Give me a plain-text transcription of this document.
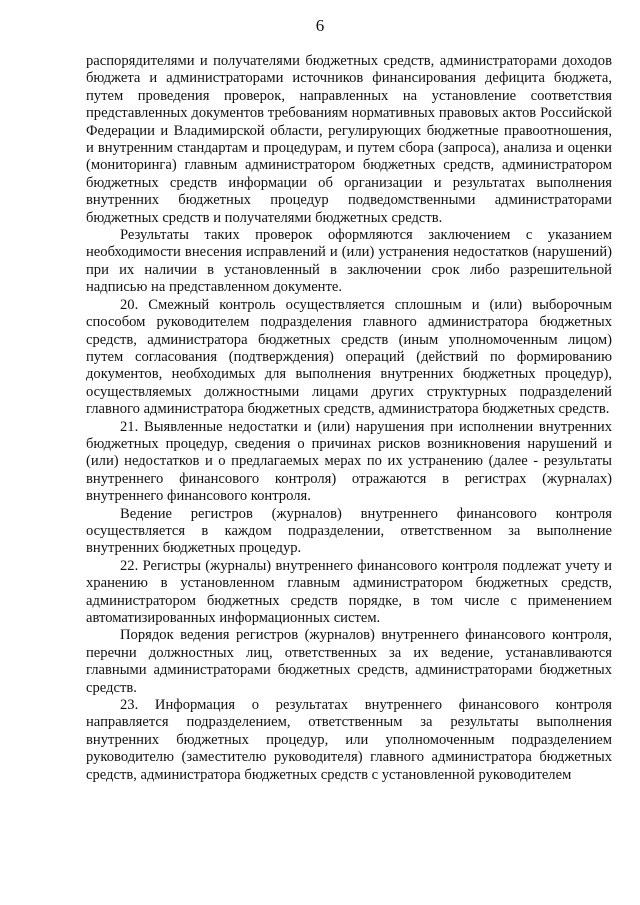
6

распорядителями и получателями бюджетных средств, администраторами доходов бюджета и администраторами источников финансирования дефицита бюджета, путем проведения проверок, направленных на установление соответствия представленных документов требованиям нормативных правовых актов Российской Федерации и Владимирской области, регулирующих бюджетные правоотношения, и внутренним стандартам и процедурам, и путем сбора (запроса), анализа и оценки (мониторинга) главным администратором бюджетных средств, администратором бюджетных средств информации об организации и результатах выполнения внутренних бюджетных процедур подведомственными администраторами бюджетных средств и получателями бюджетных средств.

Результаты таких проверок оформляются заключением с указанием необходимости внесения исправлений и (или) устранения недостатков (нарушений) при их наличии в установленный в заключении срок либо разрешительной надписью на представленном документе.

20. Смежный контроль осуществляется сплошным и (или) выборочным способом руководителем подразделения главного администратора бюджетных средств, администратора бюджетных средств (иным уполномоченным лицом) путем согласования (подтверждения) операций (действий по формированию документов, необходимых для выполнения внутренних бюджетных процедур), осуществляемых должностными лицами других структурных подразделений главного администратора бюджетных средств, администратора бюджетных средств.

21. Выявленные недостатки и (или) нарушения при исполнении внутренних бюджетных процедур, сведения о причинах рисков возникновения нарушений и (или) недостатков и о предлагаемых мерах по их устранению (далее - результаты внутреннего финансового контроля) отражаются в регистрах (журналах) внутреннего финансового контроля.

Ведение регистров (журналов) внутреннего финансового контроля осуществляется в каждом подразделении, ответственном за выполнение внутренних бюджетных процедур.

22. Регистры (журналы) внутреннего финансового контроля подлежат учету и хранению в установленном главным администратором бюджетных средств, администратором бюджетных средств порядке, в том числе с применением автоматизированных информационных систем.

Порядок ведения регистров (журналов) внутреннего финансового контроля, перечни должностных лиц, ответственных за их ведение, устанавливаются главными администраторами бюджетных средств, администраторами бюджетных средств.

23. Информация о результатах внутреннего финансового контроля направляется подразделением, ответственным за результаты выполнения внутренних бюджетных процедур, или уполномоченным подразделением руководителю (заместителю руководителя) главного администратора бюджетных средств, администратора бюджетных средств с установленной руководителем
